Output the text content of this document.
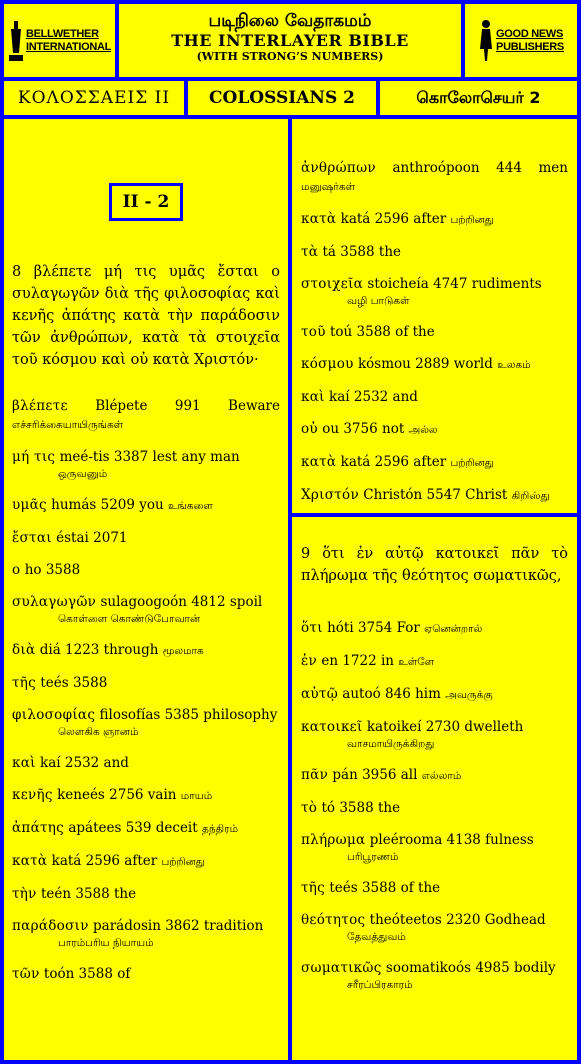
BELLWETHER
INTERNATIONAL
படிநிலை வேதாகமம்
THE INTERLAYER BIBLE
(WITH STRONG’S NUMBERS)
GOOD NEWS
PUBLISHERS
ΚΟΛΟΣΣΑΕΙΣ II	COLOSSIANS 2	கொலோசெயர் 2
II - 2
8 βλέπετε μή τις υμᾶς ἔσται ο συλαγωγῶν διὰ τῆς φιλοσοφίας καὶ κενῆς ἀπάτης κατὰ τὴν παράδοσιν τῶν ἀνθρώπων, κατὰ τὰ στοιχεῖα τοῦ κόσμου καὶ οὐ κατὰ Χριστόν·
βλέπετε Blépete 991 Beware எச்சரிக்கையாயிருங்கள்
μή τις meé-tis 3387 lest any man
ஒருவனும்
υμᾶς humás 5209 you உங்களை
ἔσται éstai 2071
ο ho 3588
συλαγωγῶν sulagoogoón 4812 spoil
கொள்ளை கொண்டுபோவான்
διὰ diá 1223 through மூலமாக
τῆς teés 3588
φιλοσοφίας filosofías 5385 philosophy
லௌகிக ஞானம்
καὶ kaí 2532 and
κενῆς keneés 2756 vain மாயம்
ἀπάτης apátees 539 deceit தந்திரம்
κατὰ katá 2596 after பற்றினது
τὴν teén 3588 the
παράδοσιν parádosin 3862 tradition
பாரம்பரிய நியாயம்
τῶν toón 3588 of
ἀνθρώπων anthroópoon 444 men மனுஷர்கள்
κατὰ katá 2596 after பற்றினது
τὰ tá 3588 the
στοιχεῖα stoicheía 4747 rudiments
வழி பாடுகள்
τοῦ toú 3588 of the
κόσμου kósmou 2889 world உலகம்
καὶ kaí 2532 and
οὐ ou 3756 not அல்ல
κατὰ katá 2596 after பற்றினது
Χριστόν Christón 5547 Christ கிறிஸ்து
9 ὅτι ἐν αὐτῷ κατοικεῖ πᾶν τὸ πλήρωμα τῆς θεότητος σωματικῶς,
ὅτι hóti 3754 For ஏனென்றால்
ἐν en 1722 in உள்ளே
αὐτῷ autoó 846 him அவருக்கு
κατοικεῖ katoikeí 2730 dwelleth
வாசமாயிருக்கிறது
πᾶν pán 3956 all எல்லாம்
τὸ tó 3588 the
πλήρωμα pleérooma 4138 fulness
பரிபூரணம்
τῆς teés 3588 of the
θεότητος theóteetos 2320 Godhead
தேவத்துவம்
σωματικῶς soomatikoós 4985 bodily
சரீரப்பிரகாரம்
